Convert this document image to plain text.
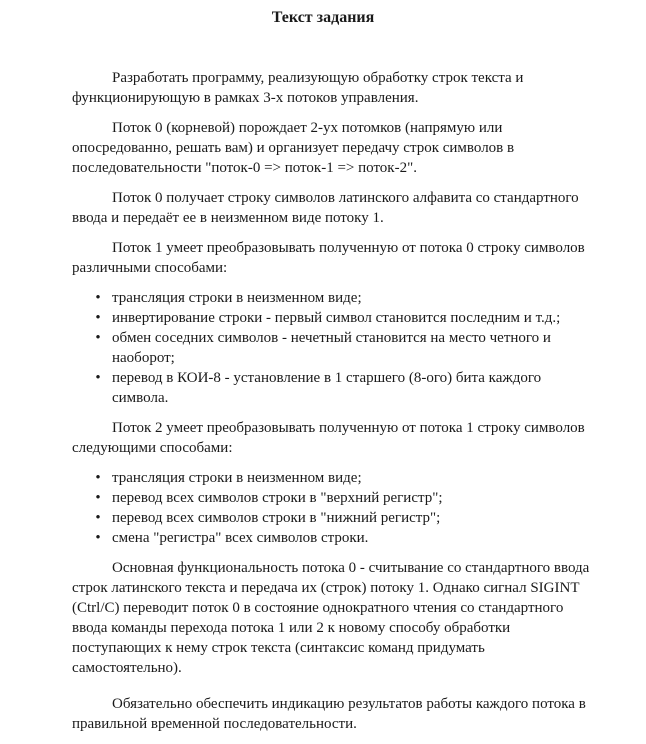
Текст задания

Разработать программу, реализующую обработку строк текста и функционирующую в рамках 3-х потоков управления.

Поток 0 (корневой) порождает 2-ух потомков (напрямую или опосредованно, решать вам) и организует передачу строк символов в последовательности "поток-0 => поток-1 => поток-2".

Поток 0 получает строку символов латинского алфавита со стандартного ввода и передаёт ее в неизменном виде потоку 1.

Поток 1 умеет преобразовывать полученную от потока 0 строку символов различными способами:

• трансляция строки в неизменном виде;
• инвертирование строки - первый символ становится последним и т.д.;
• обмен соседних символов - нечетный становится на место четного и наоборот;
• перевод в КОИ-8 - установление в 1 старшего (8-ого) бита каждого символа.

Поток 2 умеет преобразовывать полученную от потока 1 строку символов следующими способами:

• трансляция строки в неизменном виде;
• перевод всех символов строки в "верхний регистр";
• перевод всех символов строки в "нижний регистр";
• смена "регистра" всех символов строки.

Основная функциональность потока 0 - считывание со стандартного ввода строк латинского текста и передача их (строк) потоку 1. Однако сигнал SIGINT (Ctrl/C) переводит поток 0 в состояние однократного чтения со стандартного ввода команды перехода потока 1 или 2 к новому способу обработки поступающих к нему строк текста (синтаксис команд придумать самостоятельно).

Обязательно обеспечить индикацию результатов работы каждого потока в правильной временной последовательности.
